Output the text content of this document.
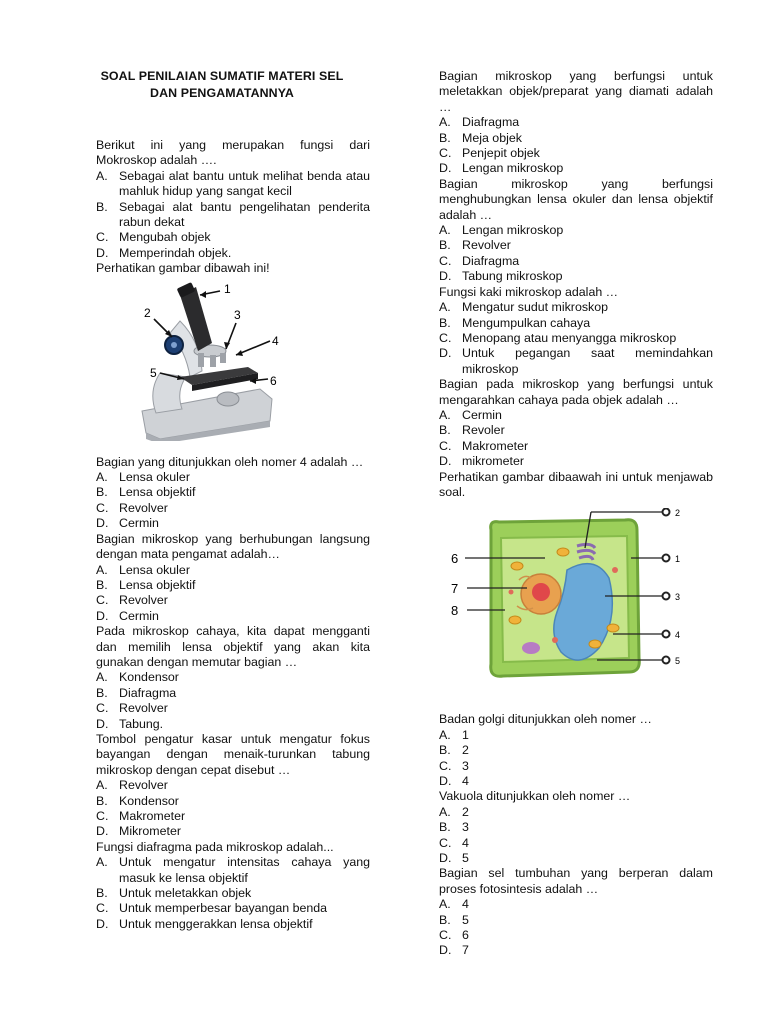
SOAL PENILAIAN SUMATIF MATERI SEL
DAN PENGAMATANNYA
Berikut ini yang merupakan fungsi dari Mokroskop adalah ….
A. Sebagai alat bantu untuk melihat benda atau mahluk hidup yang sangat kecil
B. Sebagai alat bantu pengelihatan penderita rabun dekat
C. Mengubah objek
D. Memperindah objek.
Perhatikan gambar dibawah ini!
1
2	3
4
5
6
Bagian yang ditunjukkan oleh nomer 4 adalah …
A. Lensa okuler
B. Lensa objektif
C. Revolver
D. Cermin
Bagian mikroskop yang berhubungan langsung dengan mata pengamat adalah…
A. Lensa okuler
B. Lensa objektif
C. Revolver
D. Cermin
Pada mikroskop cahaya, kita dapat mengganti dan memilih lensa objektif yang akan kita gunakan dengan memutar bagian …
A. Kondensor
B. Diafragma
C. Revolver
D. Tabung.
Tombol pengatur kasar untuk mengatur fokus bayangan dengan menaik-turunkan tabung mikroskop dengan cepat disebut …
A. Revolver
B. Kondensor
C. Makrometer
D. Mikrometer
Fungsi diafragma pada mikroskop adalah...
A. Untuk mengatur intensitas cahaya yang masuk ke lensa objektif
B. Untuk meletakkan objek
C. Untuk memperbesar bayangan benda
D. Untuk menggerakkan lensa objektif
Bagian mikroskop yang berfungsi untuk meletakkan objek/preparat yang diamati adalah …
A. Diafragma
B. Meja objek
C. Penjepit objek
D. Lengan mikroskop
Bagian mikroskop yang berfungsi menghubungkan lensa okuler dan lensa objektif adalah …
A. Lengan mikroskop
B. Revolver
C. Diafragma
D. Tabung mikroskop
Fungsi kaki mikroskop adalah …
A. Mengatur sudut mikroskop
B. Mengumpulkan cahaya
C. Menopang atau menyangga mikroskop
D. Untuk pegangan saat memindahkan mikroskop
Bagian pada mikroskop yang berfungsi untuk mengarahkan cahaya pada objek adalah …
A. Cermin
B. Revoler
C. Makrometer
D. mikrometer
Perhatikan gambar dibaawah ini untuk menjawab soal.
2
1
3
4
5
6
7
8
Badan golgi ditunjukkan oleh nomer …
A. 1
B. 2
C. 3
D. 4
Vakuola ditunjukkan oleh nomer …
A. 2
B. 3
C. 4
D. 5
Bagian sel tumbuhan yang berperan dalam proses fotosintesis adalah …
A. 4
B. 5
C. 6
D. 7
